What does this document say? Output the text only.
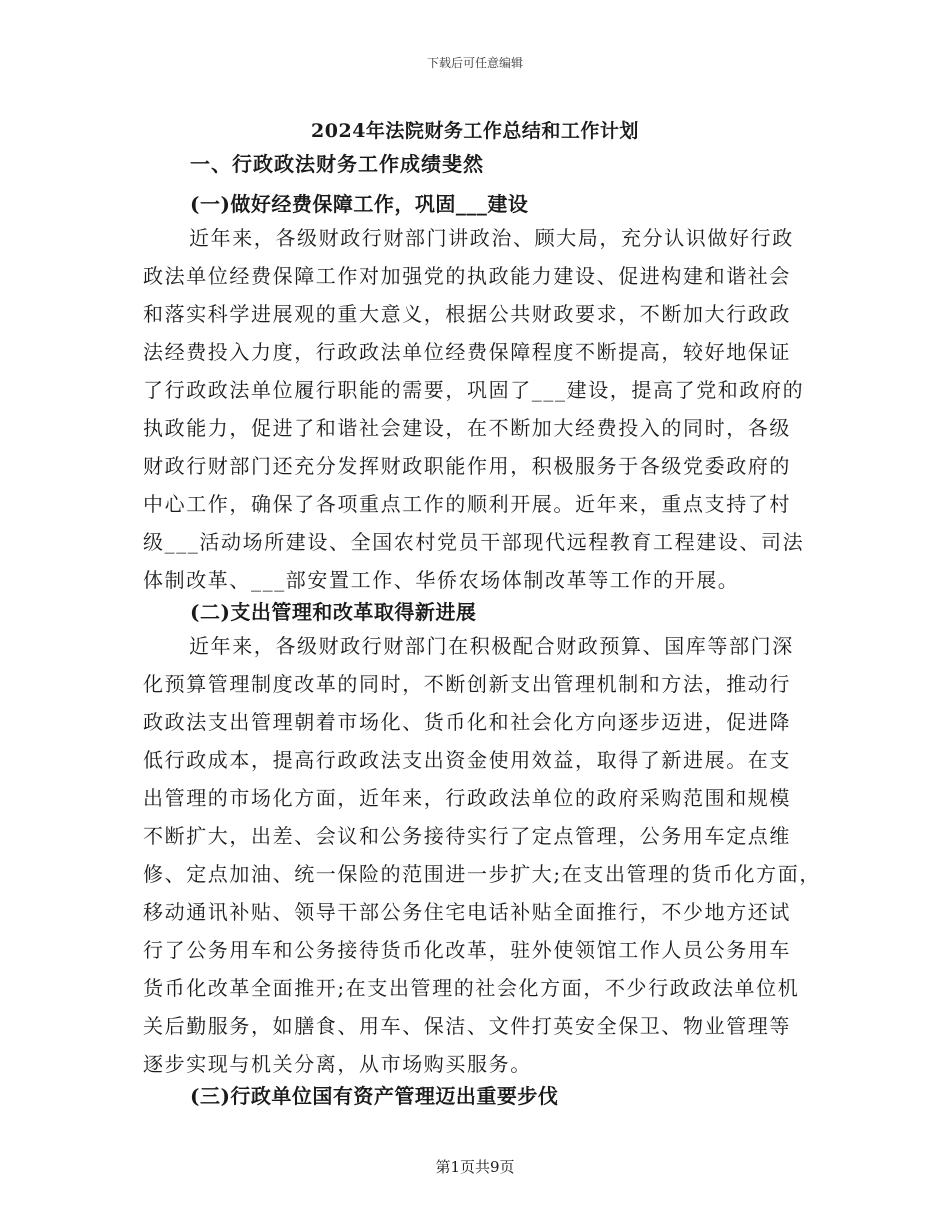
下载后可任意编辑
2024年法院财务工作总结和工作计划
一、行政政法财务工作成绩斐然
(一)做好经费保障工作，巩固___建设
近年来，各级财政行财部门讲政治、顾大局，充分认识做好行政
政法单位经费保障工作对加强党的执政能力建设、促进构建和谐社会
和落实科学进展观的重大意义，根据公共财政要求，不断加大行政政
法经费投入力度，行政政法单位经费保障程度不断提高，较好地保证
了行政政法单位履行职能的需要，巩固了___建设，提高了党和政府的
执政能力，促进了和谐社会建设，在不断加大经费投入的同时，各级
财政行财部门还充分发挥财政职能作用，积极服务于各级党委政府的
中心工作，确保了各项重点工作的顺利开展。近年来，重点支持了村
级___活动场所建设、全国农村党员干部现代远程教育工程建设、司法
体制改革、___部安置工作、华侨农场体制改革等工作的开展。
(二)支出管理和改革取得新进展
近年来，各级财政行财部门在积极配合财政预算、国库等部门深
化预算管理制度改革的同时，不断创新支出管理机制和方法，推动行
政政法支出管理朝着市场化、货币化和社会化方向逐步迈进，促进降
低行政成本，提高行政政法支出资金使用效益，取得了新进展。在支
出管理的市场化方面，近年来，行政政法单位的政府采购范围和规模
不断扩大，出差、会议和公务接待实行了定点管理，公务用车定点维
修、定点加油、统一保险的范围进一步扩大;在支出管理的货币化方面，
移动通讯补贴、领导干部公务住宅电话补贴全面推行，不少地方还试
行了公务用车和公务接待货币化改革，驻外使领馆工作人员公务用车
货币化改革全面推开;在支出管理的社会化方面，不少行政政法单位机
关后勤服务，如膳食、用车、保洁、文件打英安全保卫、物业管理等
逐步实现与机关分离，从市场购买服务。
(三)行政单位国有资产管理迈出重要步伐
第1页共9页
